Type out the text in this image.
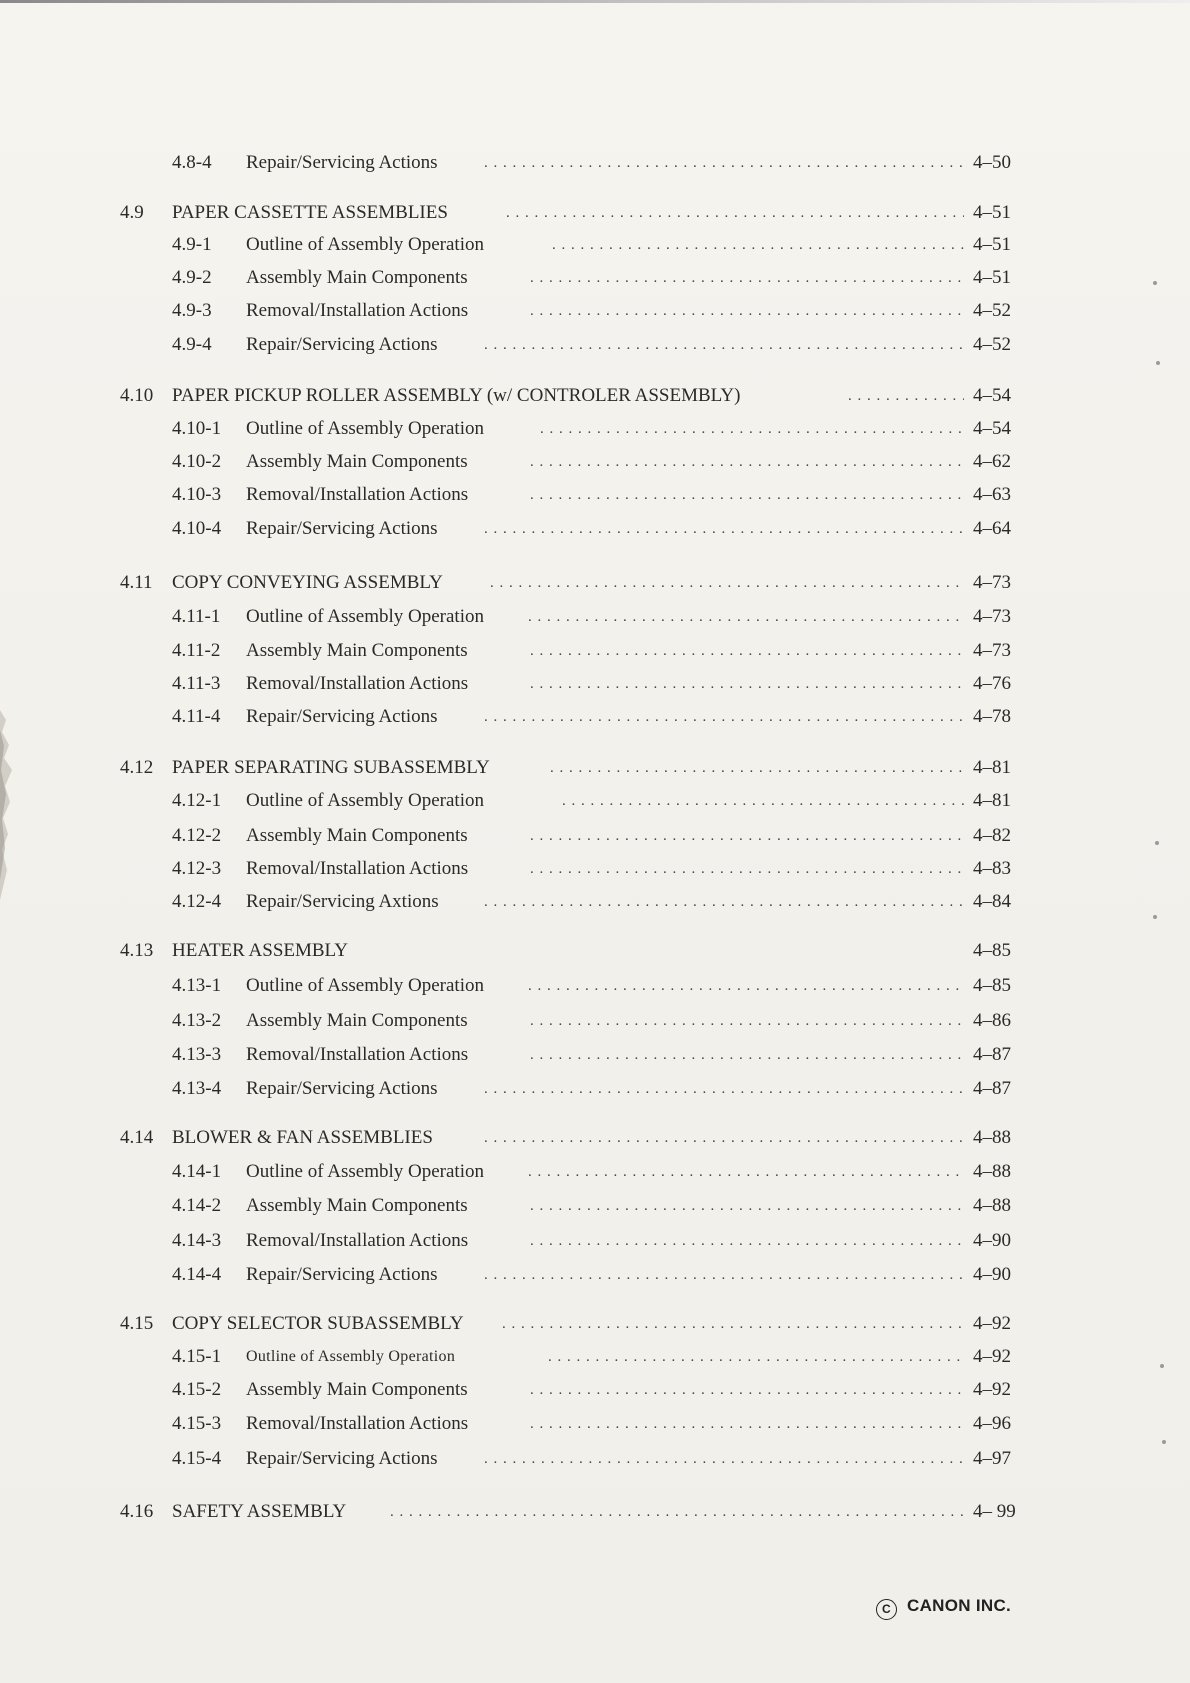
4.8-4 Repair/Servicing Actions . . .	4–50
4.9 PAPER CASSETTE ASSEMBLIES . . .	4–51
4.9-1 Outline of Assembly Operation . . .	4–51
4.9-2 Assembly Main Components . . .	4–51
4.9-3 Removal/Installation Actions . . .	4–52
4.9-4 Repair/Servicing Actions . . .	4–52
4.10 PAPER PICKUP ROLLER ASSEMBLY (w/ CONTROLER ASSEMBLY) . . .	4–54
4.10-1 Outline of Assembly Operation . . .	4–54
4.10-2 Assembly Main Components . . .	4–62
4.10-3 Removal/Installation Actions . . .	4–63
4.10-4 Repair/Servicing Actions . . .	4–64
4.11 COPY CONVEYING ASSEMBLY . . .	4–73
4.11-1 Outline of Assembly Operation . . .	4–73
4.11-2 Assembly Main Components . . .	4–73
4.11-3 Removal/Installation Actions . . .	4–76
4.11-4 Repair/Servicing Actions . . .	4–78
4.12 PAPER SEPARATING SUBASSEMBLY . . .	4–81
4.12-1 Outline of Assembly Operation . . .	4–81
4.12-2 Assembly Main Components . . .	4–82
4.12-3 Removal/Installation Actions . . .	4–83
4.12-4 Repair/Servicing Axtions . . .	4–84
4.13 HEATER ASSEMBLY	4–85
4.13-1 Outline of Assembly Operation . . .	4–85
4.13-2 Assembly Main Components . . .	4–86
4.13-3 Removal/Installation Actions . . .	4–87
4.13-4 Repair/Servicing Actions . . .	4–87
4.14 BLOWER & FAN ASSEMBLIES . . .	4–88
4.14-1 Outline of Assembly Operation . . .	4–88
4.14-2 Assembly Main Components . . .	4–88
4.14-3 Removal/Installation Actions . . .	4–90
4.14-4 Repair/Servicing Actions . . .	4–90
4.15 COPY SELECTOR SUBASSEMBLY . . .	4–92
4.15-1 Outline of Assembly Operation . . .	4–92
4.15-2 Assembly Main Components . . .	4–92
4.15-3 Removal/Installation Actions . . .	4–96
4.15-4 Repair/Servicing Actions . . .	4–97
4.16 SAFETY ASSEMBLY . . .	4– 99
C CANON INC.
